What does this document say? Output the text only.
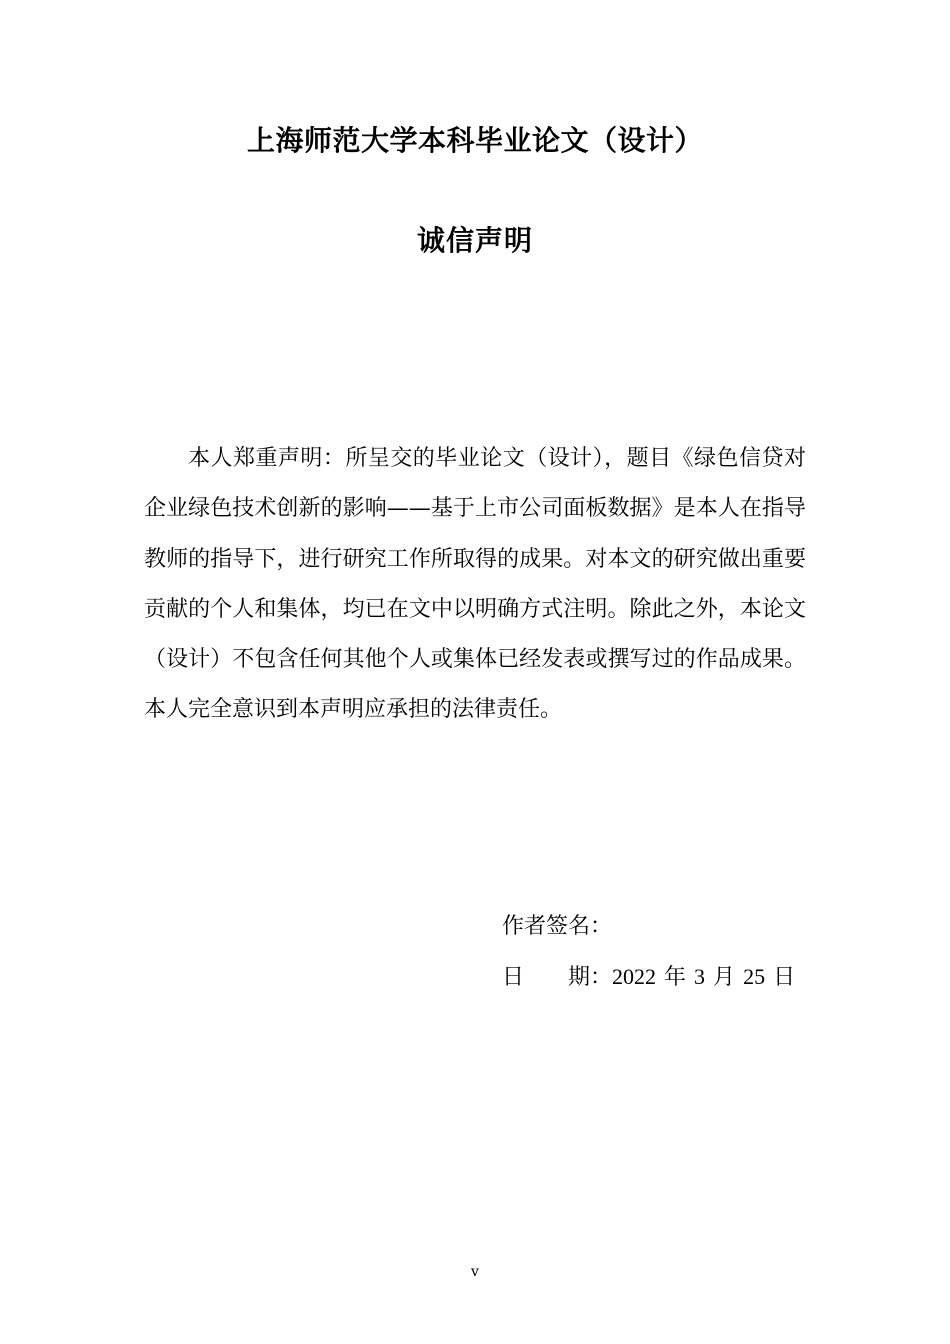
上海师范大学本科毕业论文（设计）
诚信声明

本人郑重声明：所呈交的毕业论文（设计），题目《绿色信贷对企业绿色技术创新的影响——基于上市公司面板数据》是本人在指导教师的指导下，进行研究工作所取得的成果。对本文的研究做出重要贡献的个人和集体，均已在文中以明确方式注明。除此之外，本论文（设计）不包含任何其他个人或集体已经发表或撰写过的作品成果。本人完全意识到本声明应承担的法律责任。

作者签名：
日 期：2022 年 3 月 25 日
v
